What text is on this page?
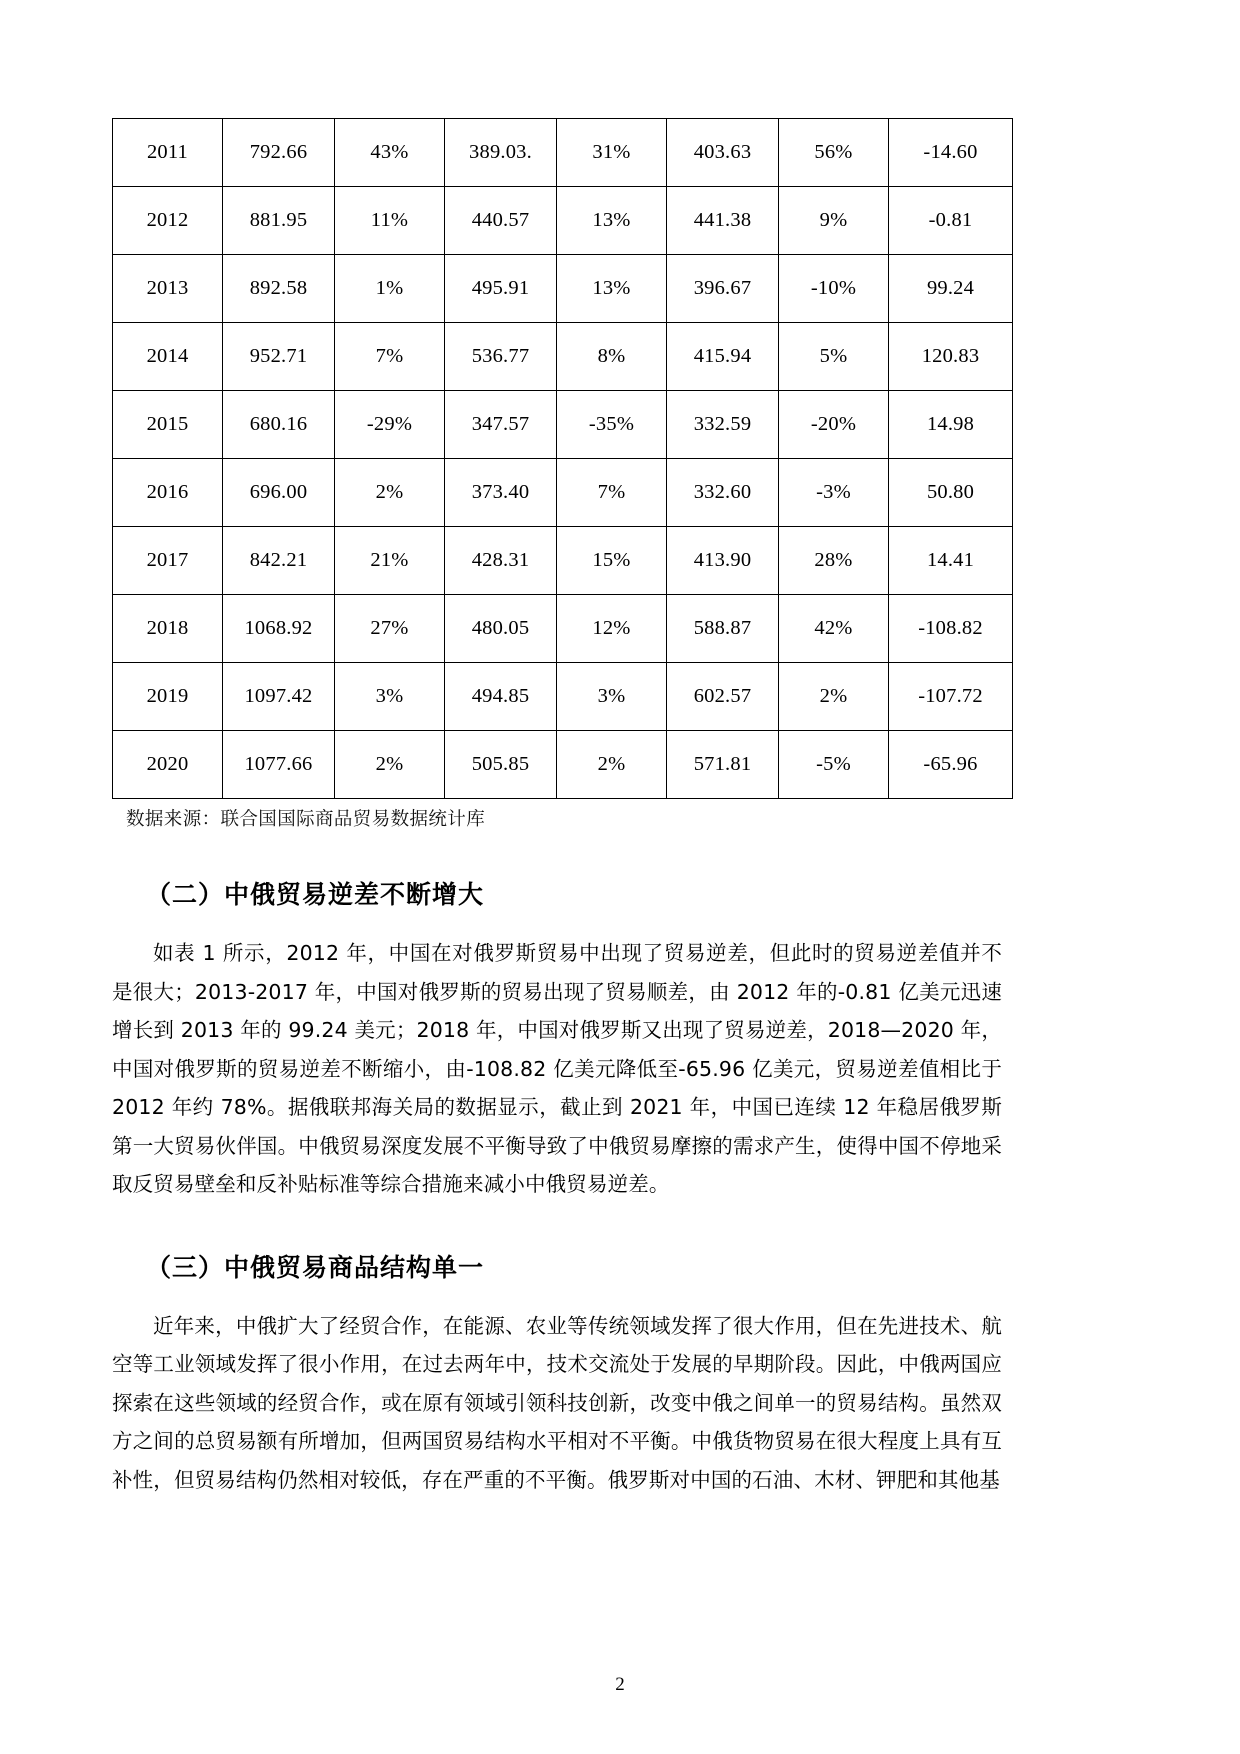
2011	792.66	43%	389.03.	31%	403.63	56%	-14.60
2012	881.95	11%	440.57	13%	441.38	9%	-0.81
2013	892.58	1%	495.91	13%	396.67	-10%	99.24
2014	952.71	7%	536.77	8%	415.94	5%	120.83
2015	680.16	-29%	347.57	-35%	332.59	-20%	14.98
2016	696.00	2%	373.40	7%	332.60	-3%	50.80
2017	842.21	21%	428.31	15%	413.90	28%	14.41
2018	1068.92	27%	480.05	12%	588.87	42%	-108.82
2019	1097.42	3%	494.85	3%	602.57	2%	-107.72
2020	1077.66	2%	505.85	2%	571.81	-5%	-65.96
数据来源：联合国国际商品贸易数据统计库
（二）中俄贸易逆差不断增大

如表 1 所示，2012 年，中国在对俄罗斯贸易中出现了贸易逆差，但此时的贸易逆差值并不是很大；2013-2017 年，中国对俄罗斯的贸易出现了贸易顺差，由 2012 年的-0.81 亿美元迅速增长到 2013 年的 99.24 美元；2018 年，中国对俄罗斯又出现了贸易逆差，2018—2020 年，中国对俄罗斯的贸易逆差不断缩小，由-108.82 亿美元降低至-65.96 亿美元，贸易逆差值相比于 2012 年约 78%。据俄联邦海关局的数据显示，截止到 2021 年，中国已连续 12 年稳居俄罗斯第一大贸易伙伴国。中俄贸易深度发展不平衡导致了中俄贸易摩擦的需求产生，使得中国不停地采取反贸易壁垒和反补贴标准等综合措施来减小中俄贸易逆差。

（三）中俄贸易商品结构单一

近年来，中俄扩大了经贸合作，在能源、农业等传统领域发挥了很大作用，但在先进技术、航空等工业领域发挥了很小作用，在过去两年中，技术交流处于发展的早期阶段。因此，中俄两国应探索在这些领域的经贸合作，或在原有领域引领科技创新，改变中俄之间单一的贸易结构。虽然双方之间的总贸易额有所增加，但两国贸易结构水平相对不平衡。中俄货物贸易在很大程度上具有互补性，但贸易结构仍然相对较低，存在严重的不平衡。俄罗斯对中国的石油、木材、钾肥和其他基

2
